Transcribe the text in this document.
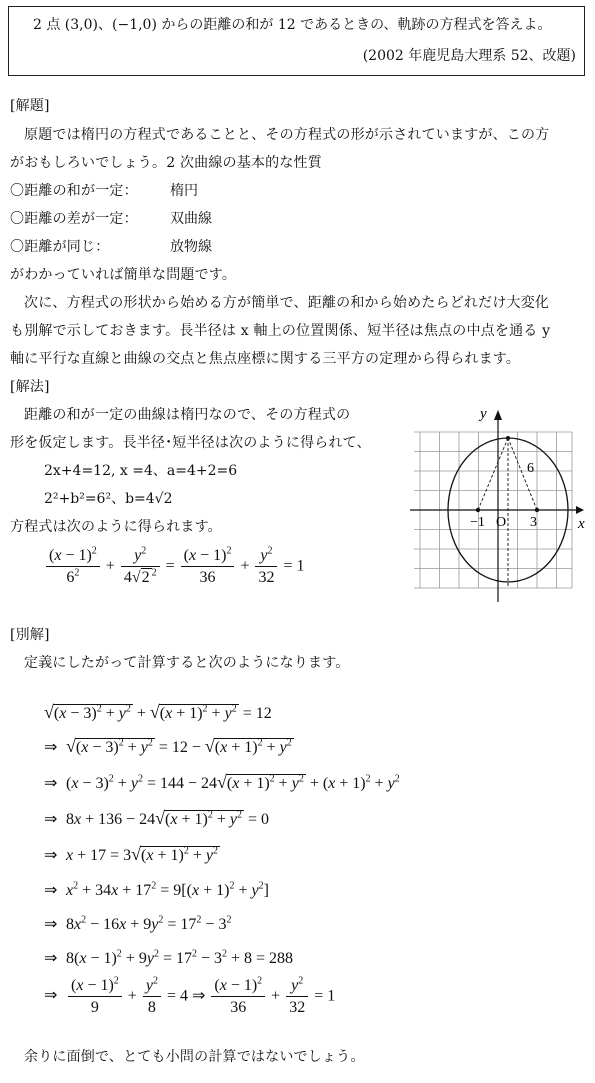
2 点 (3,0)、(−1,0) からの距離の和が 12 であるときの、軌跡の方程式を答えよ。
(2002 年鹿児島大理系 52、改題)
[解題]
原題では楕円の方程式であることと、その方程式の形が示されていますが、この方
がおもしろいでしょう。2 次曲線の基本的な性質
〇距離の和が一定： 楕円
〇距離の差が一定： 双曲線
〇距離が同じ：	放物線
がわかっていれば簡単な問題です。
次に、方程式の形状から始める方が簡単で、距離の和から始めたらどれだけ大変化
も別解で示しておきます。長半径は x 軸上の位置関係、短半径は焦点の中点を通る y
軸に平行な直線と曲線の交点と焦点座標に関する三平方の定理から得られます。
[解法]
距離の和が一定の曲線は楕円なので、その方程式の
形を仮定します。長半径･短半径は次のように得られて、
2x+4=12, x =4、a=4+2=6
2²+b²=6²、b=4√2
方程式は次のように得られます。
$\frac{(x - 1)^2}{6^2} + \frac{y^2}{4√2 ^2} = \frac{(x - 1)^2}{36} + \frac{y^2}{32} = 1$
x
y
−1 O 3
6
[別解]
定義にしたがって計算すると次のようになります。
$√(x - 3)^2 + y^2 + √(x + 1)^2 + y^2 = 12$
⇒ $√(x - 3)^2 + y^2 = 12 - √(x + 1)^2 + y^2$
⇒ $(x - 3)^2 + y^2 = 144 - 24√(x + 1)^2 + y^2 + (x + 1)^2 + y^2$
⇒ $8x + 136 - 24√(x + 1)^2 + y^2 = 0$
⇒ $x + 17 = 3√(x + 1)^2 + y^2$
⇒ $x^2 + 34x + 17^2 = 9[(x + 1)^2 + y^2]$
⇒ $8x^2 - 16x + 9y^2 = 17^2 - 3^2$
⇒ $8(x - 1)^2 + 9y^2 = 17^2 - 3^2 + 8 = 288$
⇒ $\frac{(x - 1)^2}{9} + \frac{y^2}{8} = 4$ ⇒ $\frac{(x - 1)^2}{36} + \frac{y^2}{32} = 1$
余りに面倒で、とても小問の計算ではないでしょう。
